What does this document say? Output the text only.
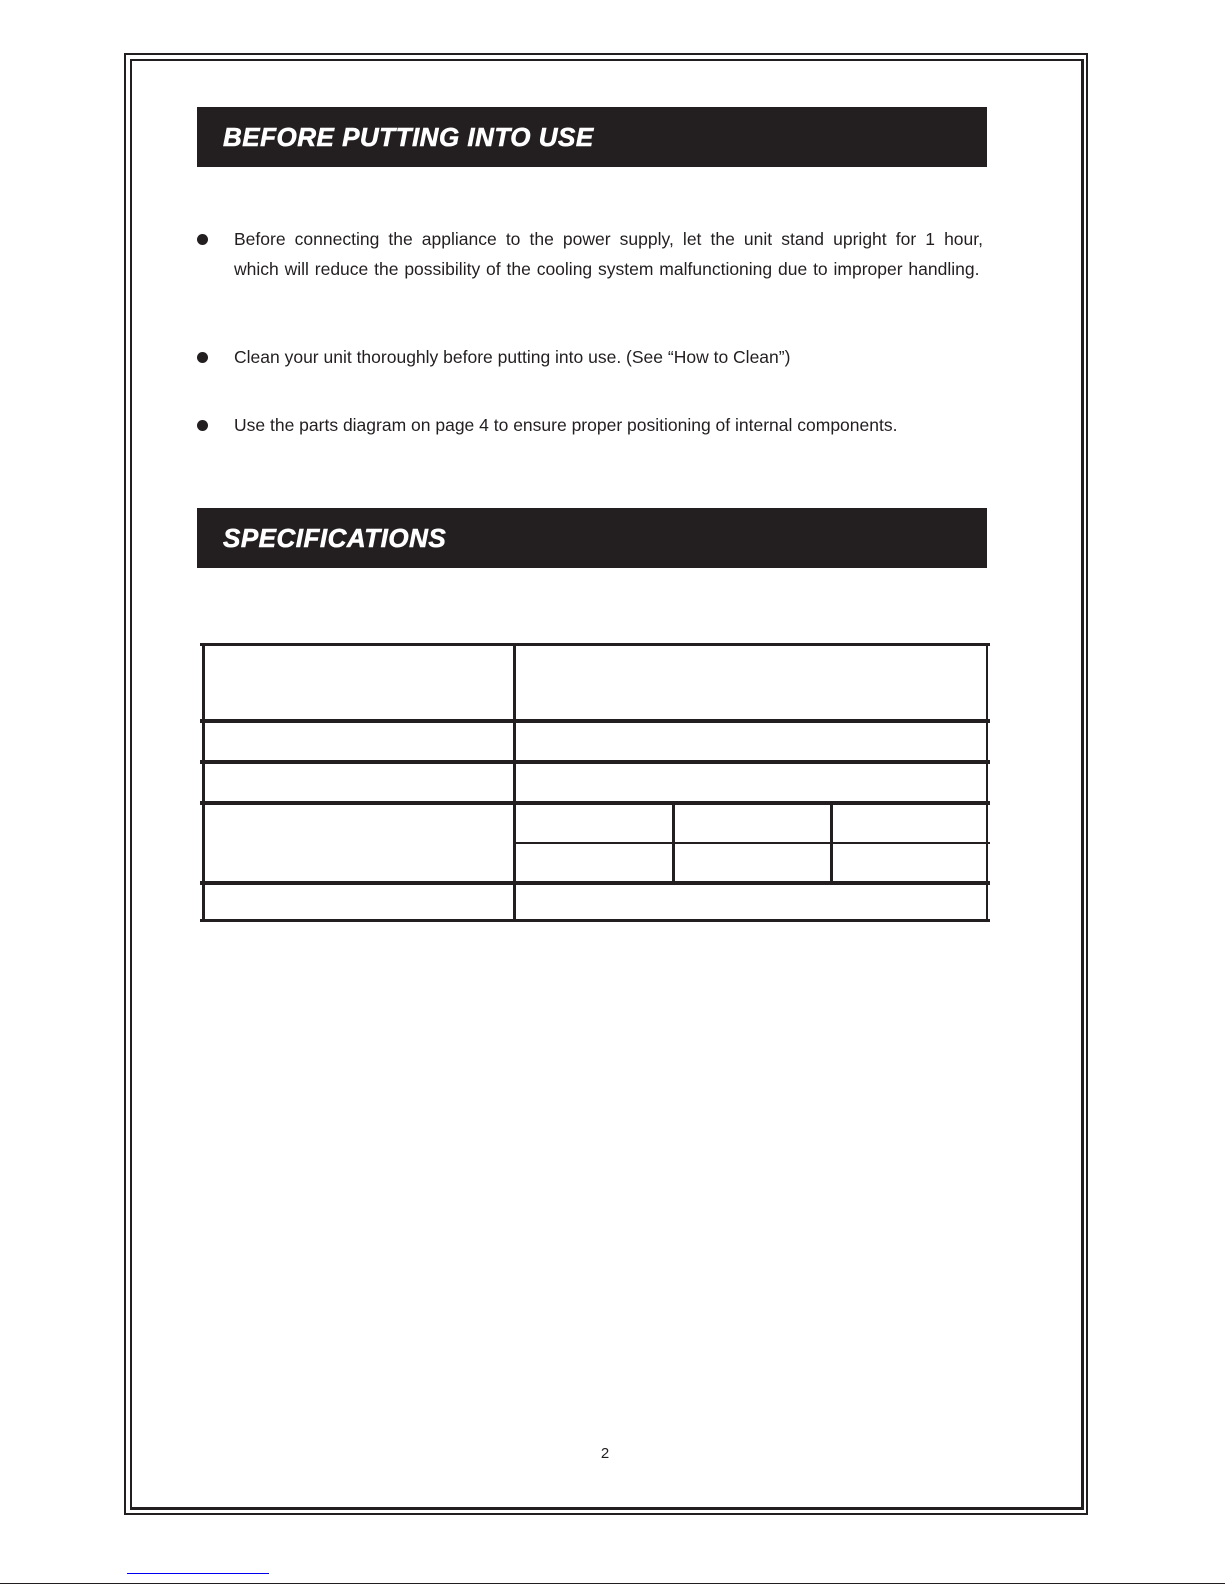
BEFORE PUTTING INTO USE
Before connecting the appliance to the power supply, let the unit stand upright for 1 hour, which will reduce the possibility of the cooling system malfunctioning due to improper handling.
Clean your unit thoroughly before putting into use. (See “How to Clean”)
Use the parts diagram on page 4 to ensure proper positioning of internal components.
SPECIFICATIONS
2
